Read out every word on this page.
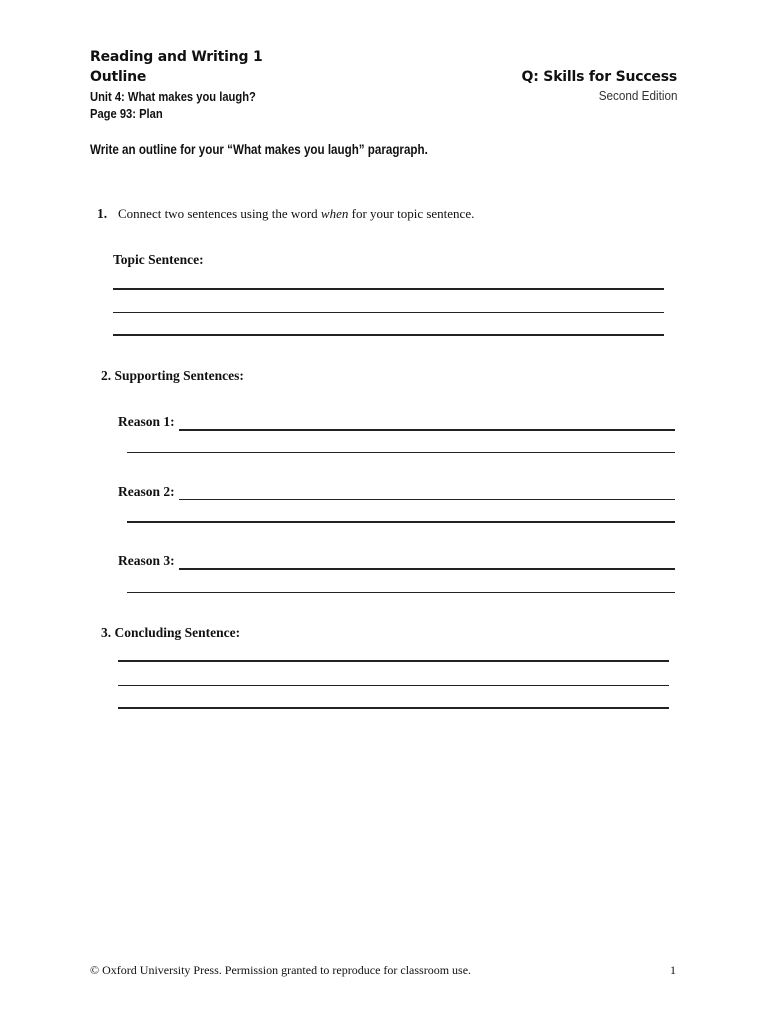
Reading and Writing 1
Outline	Q: Skills for Success
Second Edition
Unit 4: What makes you laugh?
Page 93: Plan
Write an outline for your “What makes you laugh” paragraph.
1. Connect two sentences using the word when for your topic sentence.
Topic Sentence:
2. Supporting Sentences:
Reason 1:
Reason 2:
Reason 3:
3. Concluding Sentence:
© Oxford University Press. Permission granted to reproduce for classroom use.	1
